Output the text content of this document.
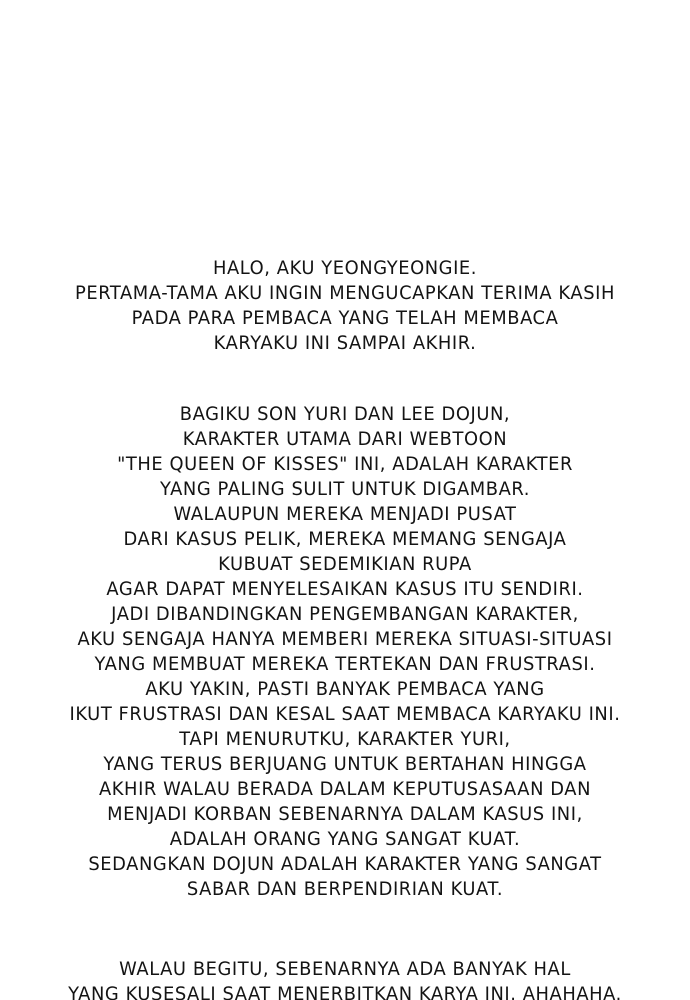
HALO, AKU YEONGYEONGIE.
PERTAMA-TAMA AKU INGIN MENGUCAPKAN TERIMA KASIH
PADA PARA PEMBACA YANG TELAH MEMBACA
KARYAKU INI SAMPAI AKHIR.
BAGIKU SON YURI DAN LEE DOJUN,
KARAKTER UTAMA DARI WEBTOON
"THE QUEEN OF KISSES" INI, ADALAH KARAKTER
YANG PALING SULIT UNTUK DIGAMBAR.
WALAUPUN MEREKA MENJADI PUSAT
DARI KASUS PELIK, MEREKA MEMANG SENGAJA
KUBUAT SEDEMIKIAN RUPA
AGAR DAPAT MENYELESAIKAN KASUS ITU SENDIRI.
JADI DIBANDINGKAN PENGEMBANGAN KARAKTER,
AKU SENGAJA HANYA MEMBERI MEREKA SITUASI-SITUASI
YANG MEMBUAT MEREKA TERTEKAN DAN FRUSTRASI.
AKU YAKIN, PASTI BANYAK PEMBACA YANG
IKUT FRUSTRASI DAN KESAL SAAT MEMBACA KARYAKU INI.
TAPI MENURUTKU, KARAKTER YURI,
YANG TERUS BERJUANG UNTUK BERTAHAN HINGGA
AKHIR WALAU BERADA DALAM KEPUTUSASAAN DAN
MENJADI KORBAN SEBENARNYA DALAM KASUS INI,
ADALAH ORANG YANG SANGAT KUAT.
SEDANGKAN DOJUN ADALAH KARAKTER YANG SANGAT
SABAR DAN BERPENDIRIAN KUAT.
WALAU BEGITU, SEBENARNYA ADA BANYAK HAL
YANG KUSESALI SAAT MENERBITKAN KARYA INI. AHAHAHA.
